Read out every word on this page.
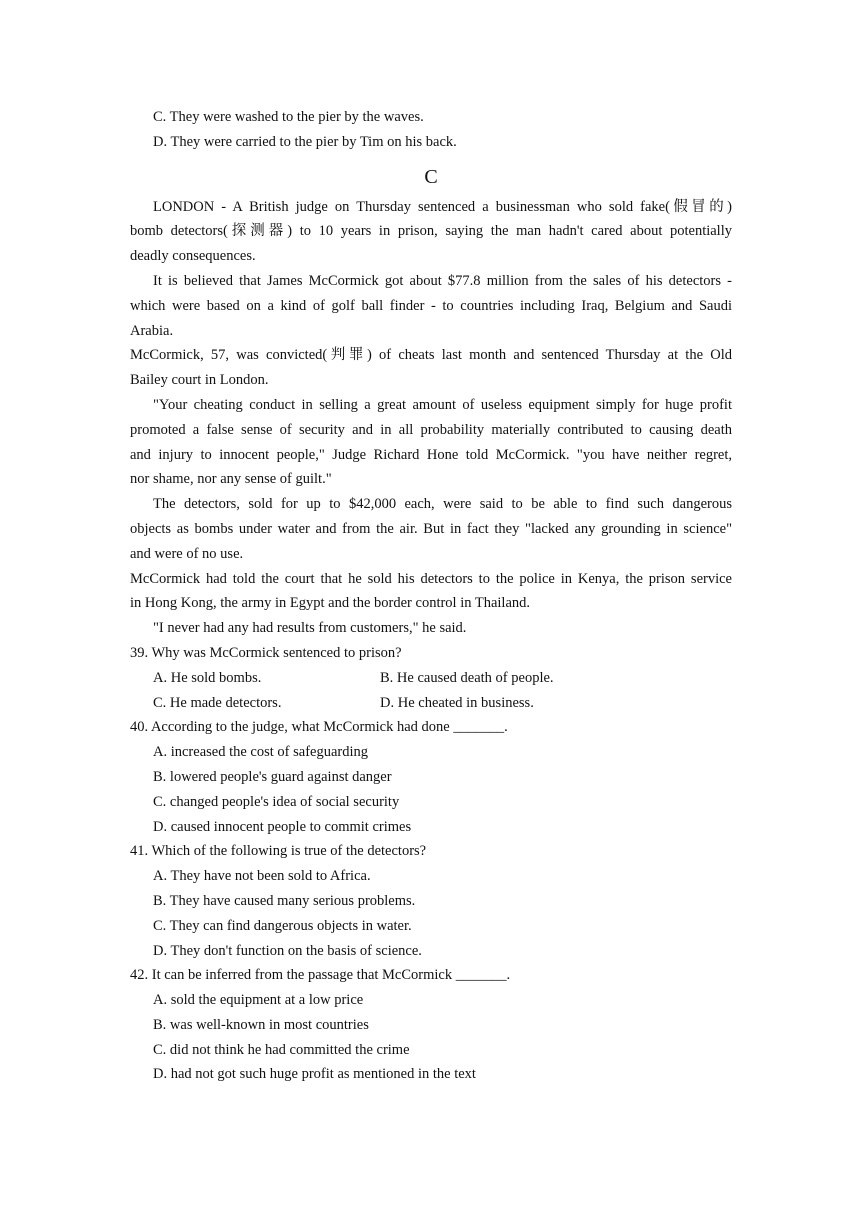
C. They were washed to the pier by the waves.
D. They were carried to the pier by Tim on his back.
C
LONDON - A British judge on Thursday sentenced a businessman who sold fake(假冒的)
bomb detectors(探测器) to 10 years in prison, saying the man hadn't cared about potentially
deadly consequences.
It is believed that James McCormick got about $77.8 million from the sales of his detectors -
which were based on a kind of golf ball finder - to countries including Iraq, Belgium and Saudi
Arabia.
McCormick, 57, was convicted(判罪) of cheats last month and sentenced Thursday at the Old
Bailey court in London.
"Your cheating conduct in selling a great amount of useless equipment simply for huge profit
promoted a false sense of security and in all probability materially contributed to causing death
and injury to innocent people," Judge Richard Hone told McCormick. "you have neither regret,
nor shame, nor any sense of guilt."
The detectors, sold for up to $42,000 each, were said to be able to find such dangerous
objects as bombs under water and from the air. But in fact they "lacked any grounding in science"
and were of no use.
McCormick had told the court that he sold his detectors to the police in Kenya, the prison service
in Hong Kong, the army in Egypt and the border control in Thailand.
"I never had any had results from customers," he said.
39. Why was McCormick sentenced to prison?
A. He sold bombs.	B. He caused death of people.
C. He made detectors.	D. He cheated in business.
40. According to the judge, what McCormick had done _______.
A. increased the cost of safeguarding
B. lowered people's guard against danger
C. changed people's idea of social security
D. caused innocent people to commit crimes
41. Which of the following is true of the detectors?
A. They have not been sold to Africa.
B. They have caused many serious problems.
C. They can find dangerous objects in water.
D. They don't function on the basis of science.
42. It can be inferred from the passage that McCormick _______.
A. sold the equipment at a low price
B. was well-known in most countries
C. did not think he had committed the crime
D. had not got such huge profit as mentioned in the text
